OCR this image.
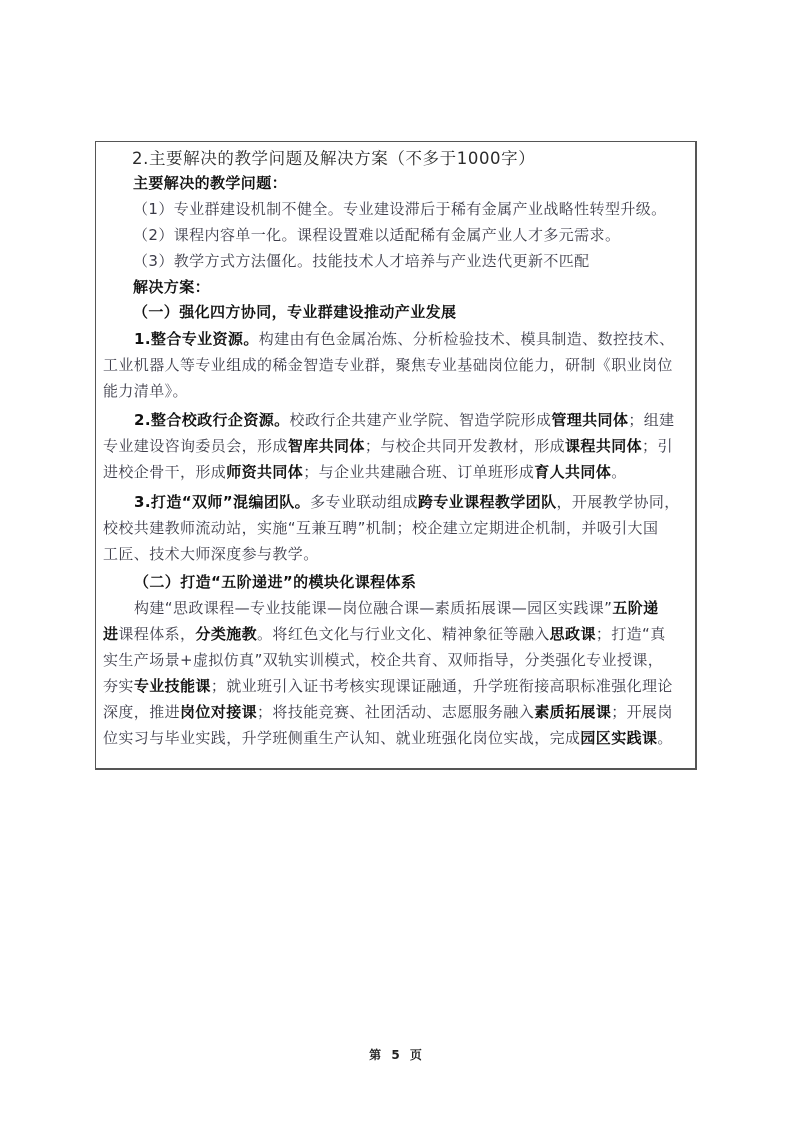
2.主要解决的教学问题及解决方案（不多于1000字）
主要解决的教学问题：
（1）专业群建设机制不健全。专业建设滞后于稀有金属产业战略性转型升级。
（2）课程内容单一化。课程设置难以适配稀有金属产业人才多元需求。
（3）教学方式方法僵化。技能技术人才培养与产业迭代更新不匹配
解决方案：
（一）强化四方协同，专业群建设推动产业发展
1.整合专业资源。构建由有色金属冶炼、分析检验技术、模具制造、数控技术、
工业机器人等专业组成的稀金智造专业群，聚焦专业基础岗位能力，研制《职业岗位
能力清单》。
2.整合校政行企资源。校政行企共建产业学院、智造学院形成管理共同体；组建
专业建设咨询委员会，形成智库共同体；与校企共同开发教材，形成课程共同体；引
进校企骨干，形成师资共同体；与企业共建融合班、订单班形成育人共同体。
3.打造“双师”混编团队。多专业联动组成跨专业课程教学团队，开展教学协同，
校校共建教师流动站，实施“互兼互聘”机制；校企建立定期进企机制，并吸引大国
工匠、技术大师深度参与教学。
（二）打造“五阶递进”的模块化课程体系
构建“思政课程—专业技能课—岗位融合课—素质拓展课—园区实践课”五阶递
进课程体系，分类施教。将红色文化与行业文化、精神象征等融入思政课；打造“真
实生产场景+虚拟仿真”双轨实训模式，校企共育、双师指导，分类强化专业授课，
夯实专业技能课；就业班引入证书考核实现课证融通，升学班衔接高职标准强化理论
深度，推进岗位对接课；将技能竞赛、社团活动、志愿服务融入素质拓展课；开展岗
位实习与毕业实践，升学班侧重生产认知、就业班强化岗位实战，完成园区实践课。
第 5 页
